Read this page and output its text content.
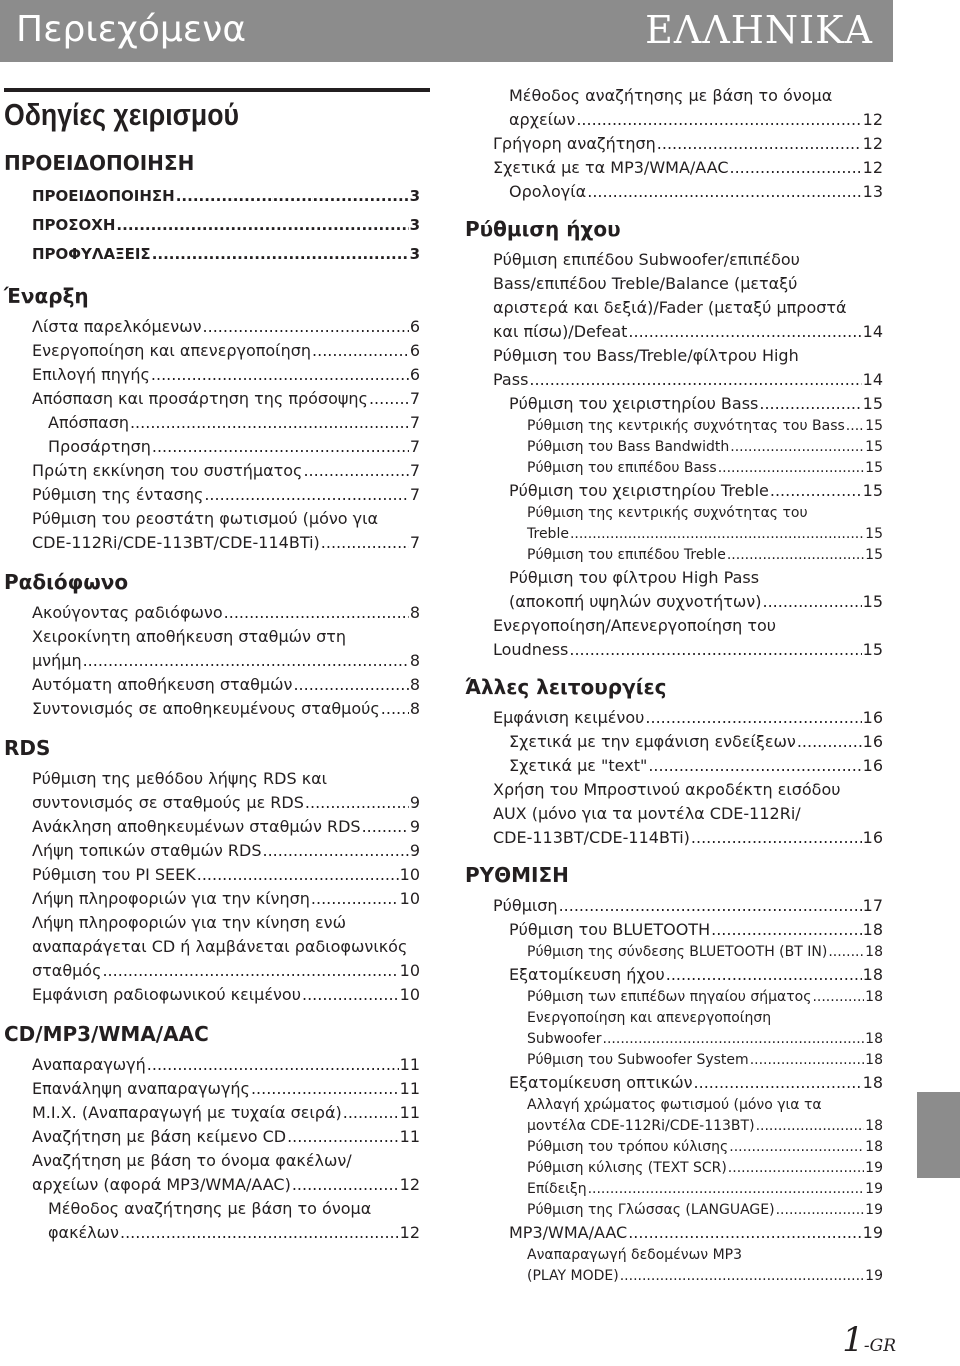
Περιεχόμενα	ΕΛΛΗΝΙΚΑ
Οδηγίες χειρισμού
ΠΡΟΕΙΔΟΠΟΙΗΣΗ
ΠΡΟΕΙΔΟΠΟΙΗΣΗ .....	3
ΠΡΟΣΟΧΗ .....	3
ΠΡΟΦΥΛΑΞΕΙΣ .....	3
Έναρξη
Λίστα παρελκόμενων .....	6
Ενεργοποίηση και απενεργοποίηση .....	6
Επιλογή πηγής .....	6
Απόσπαση και προσάρτηση της πρόσοψης .....	7
Απόσπαση .....	7
Προσάρτηση .....	7
Πρώτη εκκίνηση του συστήματος .....	7
Ρύθμιση της έντασης .....	7
Ρύθμιση του ρεοστάτη φωτισμού (μόνο για
CDE-112Ri/CDE-113BT/CDE-114BTi) .....	7
Ραδιόφωνο
Ακούγοντας ραδιόφωνο .....	8
Χειροκίνητη αποθήκευση σταθμών στη
μνήμη .....	8
Αυτόματη αποθήκευση σταθμών .....	8
Συντονισμός σε αποθηκευμένους σταθμούς ..... 8
RDS
Ρύθμιση της μεθόδου λήψης RDS και
συντονισμός σε σταθμούς με RDS .....	9
Ανάκληση αποθηκευμένων σταθμών RDS .....	9
Λήψη τοπικών σταθμών RDS .....	9
Ρύθμιση του PI SEEK .....	10
Λήψη πληροφοριών για την κίνηση .....	10
Λήψη πληροφοριών για την κίνηση ενώ
αναπαράγεται CD ή λαμβάνεται ραδιοφωνικός
σταθμός .....	10
Εμφάνιση ραδιοφωνικού κειμένου .....	10
CD/MP3/WMA/AAC
Αναπαραγωγή .....	11
Επανάληψη αναπαραγωγής .....	11
M.I.X. (Αναπαραγωγή με τυχαία σειρά) .....	11
Αναζήτηση με βάση κείμενο CD .....	11
Αναζήτηση με βάση το όνομα φακέλων/
αρχείων (αφορά MP3/WMA/AAC) .....	12
Μέθοδος αναζήτησης με βάση το όνομα
φακέλων .....	12
Μέθοδος αναζήτησης με βάση το όνομα
αρχείων .....	12
Γρήγορη αναζήτηση .....	12
Σχετικά με τα MP3/WMA/AAC .....	12
Ορολογία .....	13
Ρύθμιση ήχου
Ρύθμιση επιπέδου Subwoofer/επιπέδου
Bass/επιπέδου Treble/Balance (μεταξύ
αριστερά και δεξιά)/Fader (μεταξύ μπροστά
και πίσω)/Defeat .....	14
Ρύθμιση του Bass/Treble/φίλτρου High
Pass .....	14
Ρύθμιση του χειριστηρίου Bass .....	15
Ρύθμιση της κεντρικής συχνότητας του Bass ..... 15
Ρύθμιση του Bass Bandwidth .....	15
Ρύθμιση του επιπέδου Bass .....	15
Ρύθμιση του χειριστηρίου Treble .....	15
Ρύθμιση της κεντρικής συχνότητας του
Treble .....	15
Ρύθμιση του επιπέδου Treble .....	15
Ρύθμιση του φίλτρου High Pass
(αποκοπή υψηλών συχνοτήτων) .....	15
Ενεργοποίηση/Απενεργοποίηση του
Loudness .....	15
Άλλες λειτουργίες
Εμφάνιση κειμένου .....	16
Σχετικά με την εμφάνιση ενδείξεων .....	16
Σχετικά με "text" .....	16
Χρήση του Μπροστινού ακροδέκτη εισόδου
AUX (μόνο για τα μοντέλα CDE-112Ri/
CDE-113BT/CDE-114BTi) .....	16
ΡΥΘΜΙΣΗ
Ρύθμιση .....	17
Ρύθμιση του BLUETOOTH .....	18
Ρύθμιση της σύνδεσης BLUETOOTH (BT IN) .....	18
Εξατομίκευση ήχου .....	18
Ρύθμιση των επιπέδων πηγαίου σήματος .....	18
Ενεργοποίηση και απενεργοποίηση
Subwoofer .....	18
Ρύθμιση του Subwoofer System .....	18
Εξατομίκευση οπτικών .....	18
Αλλαγή χρώματος φωτισμού (μόνο για τα
μοντέλα CDE-112Ri/CDE-113BT) .....	18
Ρύθμιση του τρόπου κύλισης .....	18
Ρύθμιση κύλισης (TEXT SCR) .....	19
Επίδειξη .....	19
Ρύθμιση της Γλώσσας (LANGUAGE) .....	19
MP3/WMA/AAC .....	19
Αναπαραγωγή δεδομένων MP3
(PLAY MODE) .....	19
1-GR
